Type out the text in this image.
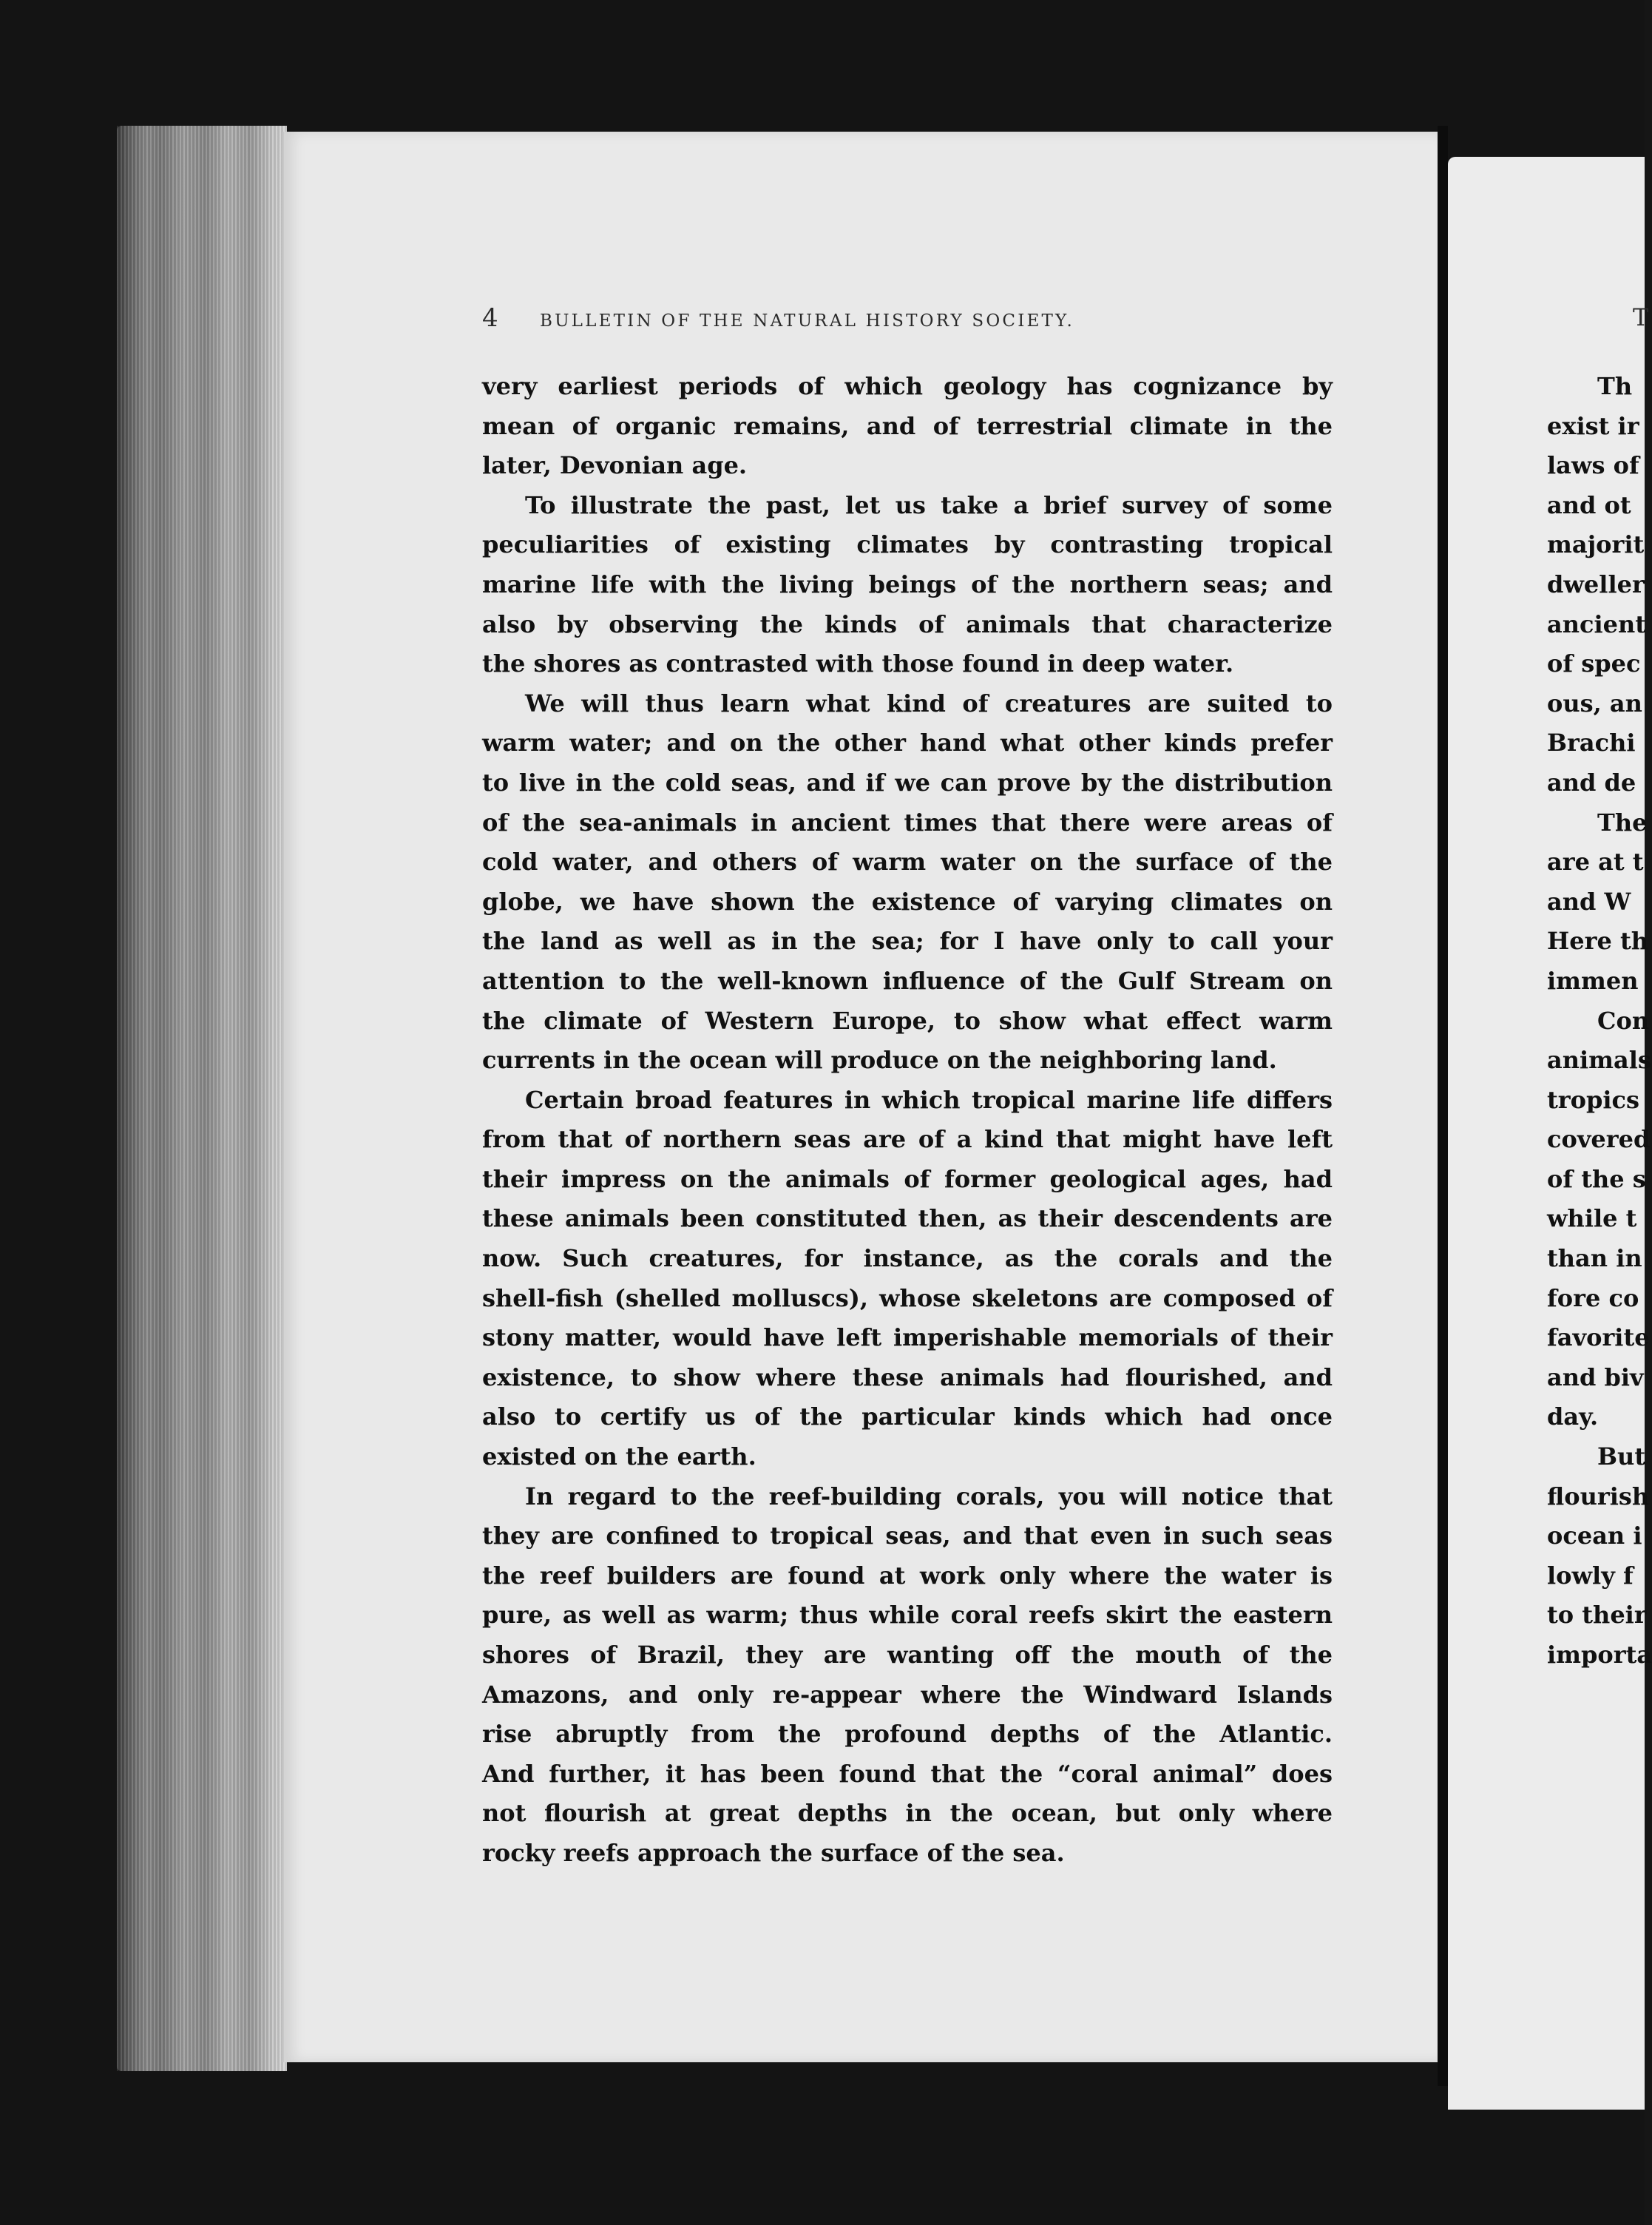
4	BULLETIN OF THE NATURAL HISTORY SOCIETY.

very earliest periods of which geology has cognizance by

mean of organic remains, and of terrestrial climate in the

later, Devonian age.

To illustrate the past, let us take a brief survey of some

peculiarities of existing climates by contrasting tropical

marine life with the living beings of the northern seas; and

also by observing the kinds of animals that characterize

the shores as contrasted with those found in deep water.

We will thus learn what kind of creatures are suited to

warm water; and on the other hand what other kinds prefer

to live in the cold seas, and if we can prove by the distribution

of the sea-animals in ancient times that there were areas of

cold water, and others of warm water on the surface of the

globe, we have shown the existence of varying climates on

the land as well as in the sea; for I have only to call your

attention to the well-known influence of the Gulf Stream on

the climate of Western Europe, to show what effect warm

currents in the ocean will produce on the neighboring land.

Certain broad features in which tropical marine life differs

from that of northern seas are of a kind that might have left

their impress on the animals of former geological ages, had

these animals been constituted then, as their descendents are

now. Such creatures, for instance, as the corals and the

shell-fish (shelled molluscs), whose skeletons are composed of

stony matter, would have left imperishable memorials of their

existence, to show where these animals had flourished, and

also to certify us of the particular kinds which had once

existed on the earth.

In regard to the reef-building corals, you will notice that

they are confined to tropical seas, and that even in such seas

the reef builders are found at work only where the water is

pure, as well as warm; thus while coral reefs skirt the eastern

shores of Brazil, they are wanting off the mouth of the

Amazons, and only re-appear where the Windward Islands

rise abruptly from the profound depths of the Atlantic.

And further, it has been found that the “coral animal” does

not flourish at great depths in the ocean, but only where

rocky reefs approach the surface of the sea.

T
Th
exist ir
laws of
and ot
majorit
dweller
ancient
of spec
ous, an
Brachi
and de
The
are at t
and W
Here th
immen
Con
animals
tropics
covered
of the s
while t
than in
fore co
favorite
and biv
day.
But
flourish
ocean i
lowly f
to their
importa
